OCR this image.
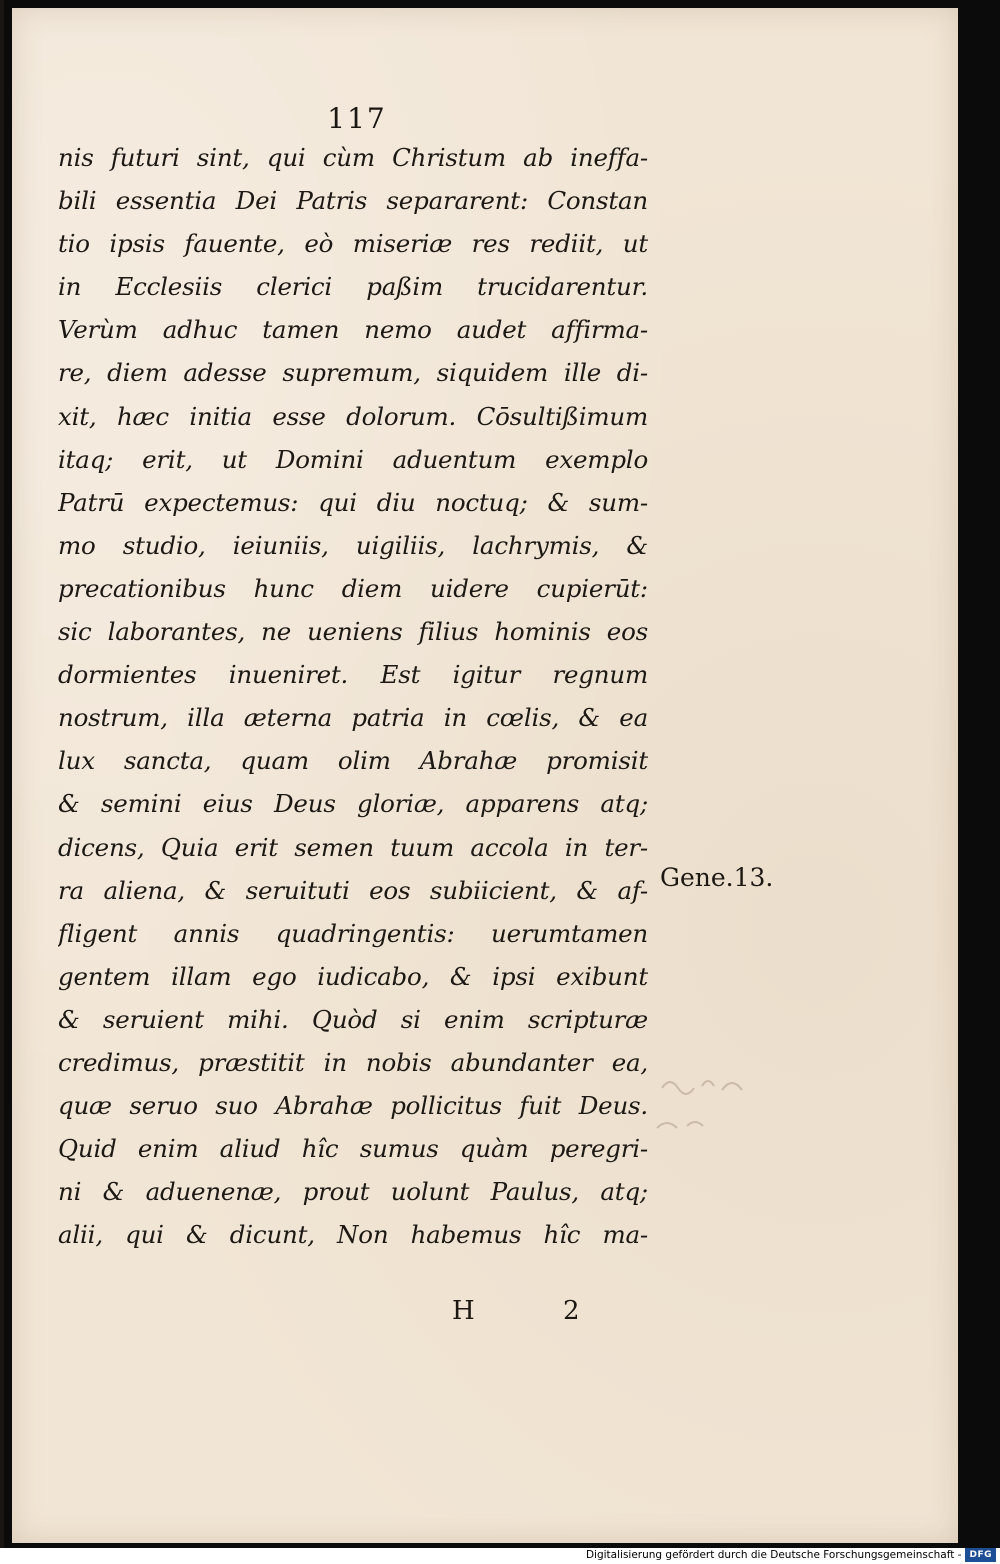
117
nis futuri sint, qui cùm Christum ab ineffa-
bili essentia Dei Patris separarent: Constan
tio ipsis fauente, eò miseriæ res rediit, ut
in Ecclesiis clerici paßim trucidarentur.
Verùm adhuc tamen nemo audet affirma-
re, diem adesse supremum, siquidem ille di-
xit, hæc initia esse dolorum. Cōsultißimum
itaq; erit, ut Domini aduentum exemplo
Patrū expectemus: qui diu noctuq; & sum-
mo studio, ieiuniis, uigiliis, lachrymis, &
precationibus hunc diem uidere cupierūt:
sic laborantes, ne ueniens filius hominis eos
dormientes inueniret. Est igitur regnum
nostrum, illa æterna patria in cœlis, & ea
lux sancta, quam olim Abrahæ promisit
& semini eius Deus gloriæ, apparens atq;
dicens, Quia erit semen tuum accola in ter-
ra aliena, & seruituti eos subiicient, & af-
fligent annis quadringentis: uerumtamen
gentem illam ego iudicabo, & ipsi exibunt
& seruient mihi. Quòd si enim scripturæ
credimus, præstitit in nobis abundanter ea,
quæ seruo suo Abrahæ pollicitus fuit Deus.
Quid enim aliud hîc sumus quàm peregri-
ni & aduenenæ, prout uolunt Paulus, atq;
alii, qui & dicunt, Non habemus hîc ma-
Gene.13.
H 2
Digitalisierung gefördert durch die Deutsche Forschungsgemeinschaft - DFG
